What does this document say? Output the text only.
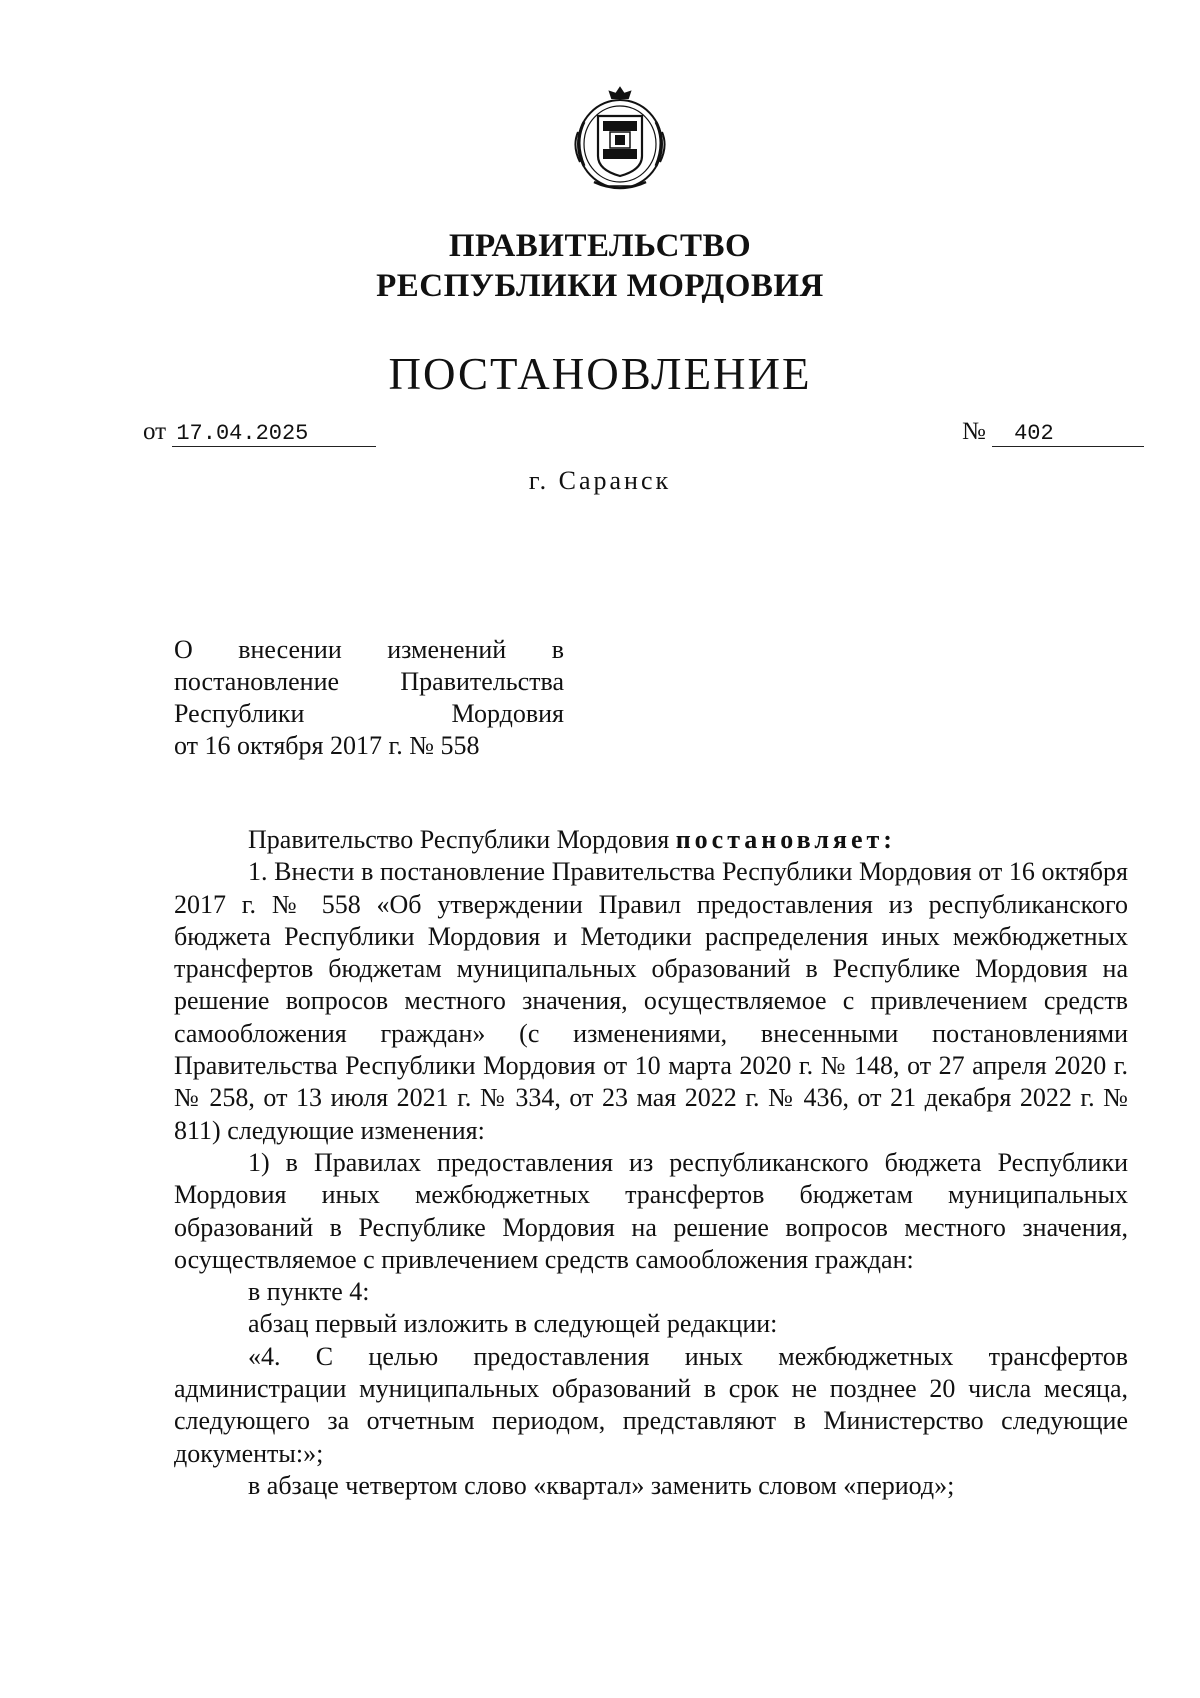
ПРАВИТЕЛЬСТВО
РЕСПУБЛИКИ МОРДОВИЯ
ПОСТАНОВЛЕНИЕ
от 17.04.2025	№ 402
г. Саранск
О внесении изменений в
постановление Правительства
Республики	Мордовия
от 16 октября 2017 г. № 558

Правительство Республики Мордовия постановляет:

1. Внести в постановление Правительства Республики Мордовия от 16 октября 2017 г. № 558 «Об утверждении Правил предоставления из республиканского бюджета Республики Мордовия и Методики распределения иных межбюджетных трансфертов бюджетам муниципальных образований в Республике Мордовия на решение вопросов местного значения, осуществляемое с привлечением средств самообложения граждан» (с изменениями, внесенными постановлениями Правительства Республики Мордовия от 10 марта 2020 г. № 148, от 27 апреля 2020 г. № 258, от 13 июля 2021 г. № 334, от 23 мая 2022 г. № 436, от 21 декабря 2022 г. № 811) следующие изменения:

1) в Правилах предоставления из республиканского бюджета Республики Мордовия иных межбюджетных трансфертов бюджетам муниципальных образований в Республике Мордовия на решение вопросов местного значения, осуществляемое с привлечением средств самообложения граждан:

в пункте 4:

абзац первый изложить в следующей редакции:

«4. С целью предоставления иных межбюджетных трансфертов администрации муниципальных образований в срок не позднее 20 числа месяца, следующего за отчетным периодом, представляют в Министерство следующие документы:»;

в абзаце четвертом слово «квартал» заменить словом «период»;
